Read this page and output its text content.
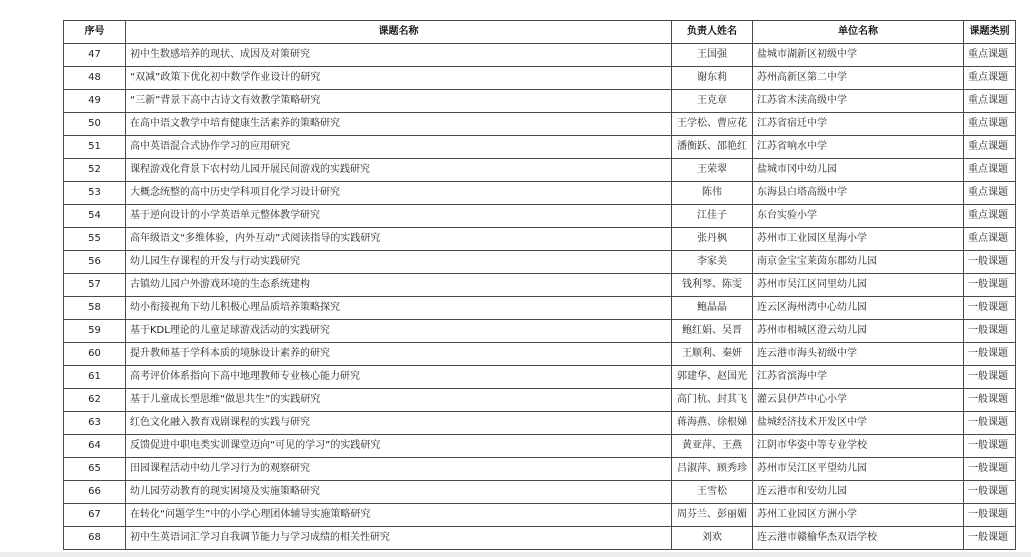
序号	课题名称	负责人姓名	单位名称	课题类别
47	初中生数感培养的现状、成因及对策研究	王国强	盐城市湖新区初级中学	重点课题
48	“双减”政策下优化初中数学作业设计的研究	谢东莉	苏州高新区第二中学	重点课题
49	“三新”背景下高中古诗文有效教学策略研究	王克章	江苏省木渎高级中学	重点课题
50	在高中语文教学中培育健康生活素养的策略研究	王学松、曹应花	江苏省宿迁中学	重点课题
51	高中英语混合式协作学习的应用研究	潘衡跃、邵艳红	江苏省响水中学	重点课题
52	课程游戏化背景下农村幼儿园开展民间游戏的实践研究	王荣翠	盐城市冈中幼儿园	重点课题
53	大概念统整的高中历史学科项目化学习设计研究	陈伟	东海县白塔高级中学	重点课题
54	基于逆向设计的小学英语单元整体教学研究	江佳子	东台实验小学	重点课题
55	高年级语文“多维体验，内外互动”式阅读指导的实践研究	张丹枫	苏州市工业园区星海小学	重点课题
56	幼儿园生存课程的开发与行动实践研究	李家美	南京金宝宝莱茵东郡幼儿园	一般课题
57	古镇幼儿园户外游戏环境的生态系统建构	钱利琴、陈雯	苏州市吴江区同里幼儿园	一般课题
58	幼小衔接视角下幼儿积极心理品质培养策略探究	鲍晶晶	连云区海州湾中心幼儿园	一般课题
59	基于KDL理论的儿童足球游戏活动的实践研究	鲍红娟、吴晋	苏州市相城区澄云幼儿园	一般课题
60	提升教师基于学科本质的境脉设计素养的研究	王顺利、秦妍	连云港市海头初级中学	一般课题
61	高考评价体系指向下高中地理教师专业核心能力研究	郭建华、赵国光	江苏省滨海中学	一般课题
62	基于儿童成长型思维“做思共生”的实践研究	高门杭、封其飞	灌云县伊芦中心小学	一般课题
63	红色文化融入教育戏剧课程的实践与研究	蒋海燕、徐根娣	盐城经济技术开发区中学	一般课题
64	反馈促进中职电类实训课堂迈向“可见的学习”的实践研究	黄亚萍、王燕	江阴市华姿中等专业学校	一般课题
65	田园课程活动中幼儿学习行为的观察研究	吕淑萍、顾秀珍	苏州市吴江区平望幼儿园	一般课题
66	幼儿园劳动教育的现实困境及实施策略研究	王雪松	连云港市和安幼儿园	一般课题
67	在转化“问题学生”中的小学心理团体辅导实施策略研究	周芬兰、彭丽媚	苏州工业园区方洲小学	一般课题
68	初中生英语词汇学习自我调节能力与学习成绩的相关性研究	刘欢	连云港市赣榆华杰双语学校	一般课题
